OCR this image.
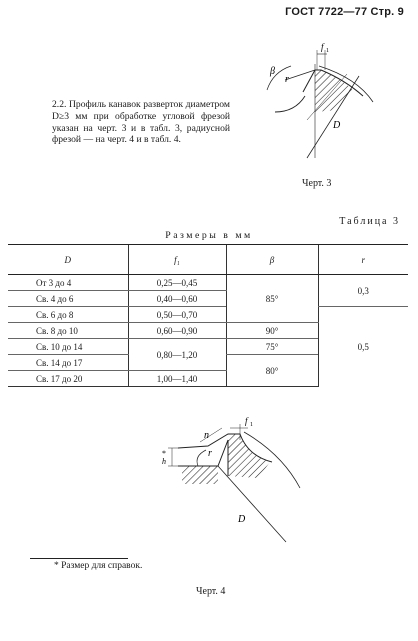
ГОСТ 7722—77 Стр. 9
2.2. Профиль канавок разверток диаметром D≥3 мм при обработке угловой фрезой указан на черт. 3 и в табл. 3, радиусной фрезой — на черт. 4 и в табл. 4.
β
r
f 1
D
Черт. 3
Таблица 3
Размеры в мм
D	f₁	β	r
От 3 до 4	0,25—0,45	85°	0,3
Св. 4 до 6	0,40—0,60		
Св. 6 до 8	0,50—0,70		0,5
Св. 8 до 10	0,60—0,90	90°	
Св. 10 до 14	0,80—1,20	75°	
Св. 14 до 17		80°	
Св. 17 до 20	1,00—1,40		
n
r
f 1
D
*
h
* Размер для справок.
Черт. 4
